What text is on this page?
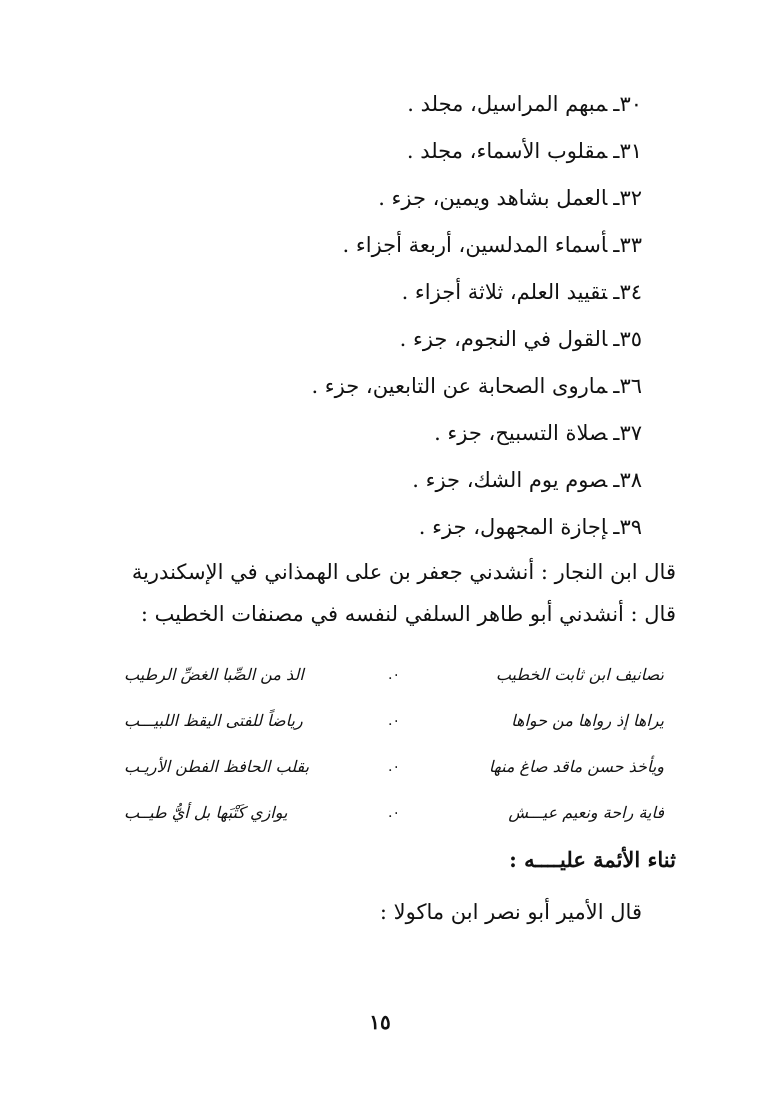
٣٠ـمبهم المراسيل، مجلد .
٣١ـمقلوب الأسماء، مجلد .
٣٢ـالعمل بشاهد ويمين، جزء .
٣٣ـأسماء المدلسين، أربعة أجزاء .
٣٤ـتقييد العلم، ثلاثة أجزاء .
٣٥ـالقول في النجوم، جزء .
٣٦ـماروى الصحابة عن التابعين، جزء .
٣٧ـصلاة التسبيح، جزء .
٣٨ـصوم يوم الشك، جزء .
٣٩ـإجازة المجهول، جزء .
قال ابن النجار : أنشدني جعفر بن على الهمذاني في الإسكندرية
قال : أنشدني أبو طاهر السلفي لنفسه في مصنفات الخطيب :
تصانيف ابن ثابت الخطيب
٠.
الذ من الصِّبا الغضِّ الرطيب
يراها إذ رواها من حواها
٠.
رياضاً للفتى اليقظ اللبيـــب
ويأخذ حسن ماقد صاغ منها
٠.
بقلب الحافظ الفطن الأريـب
فاية راحة ونعيم عيـــش
٠.
يوازي كَتْبَها بل أيُّ طيــب
ثناء الأئمة عليــــه :
قال الأمير أبو نصر ابن ماكولا :
١٥
